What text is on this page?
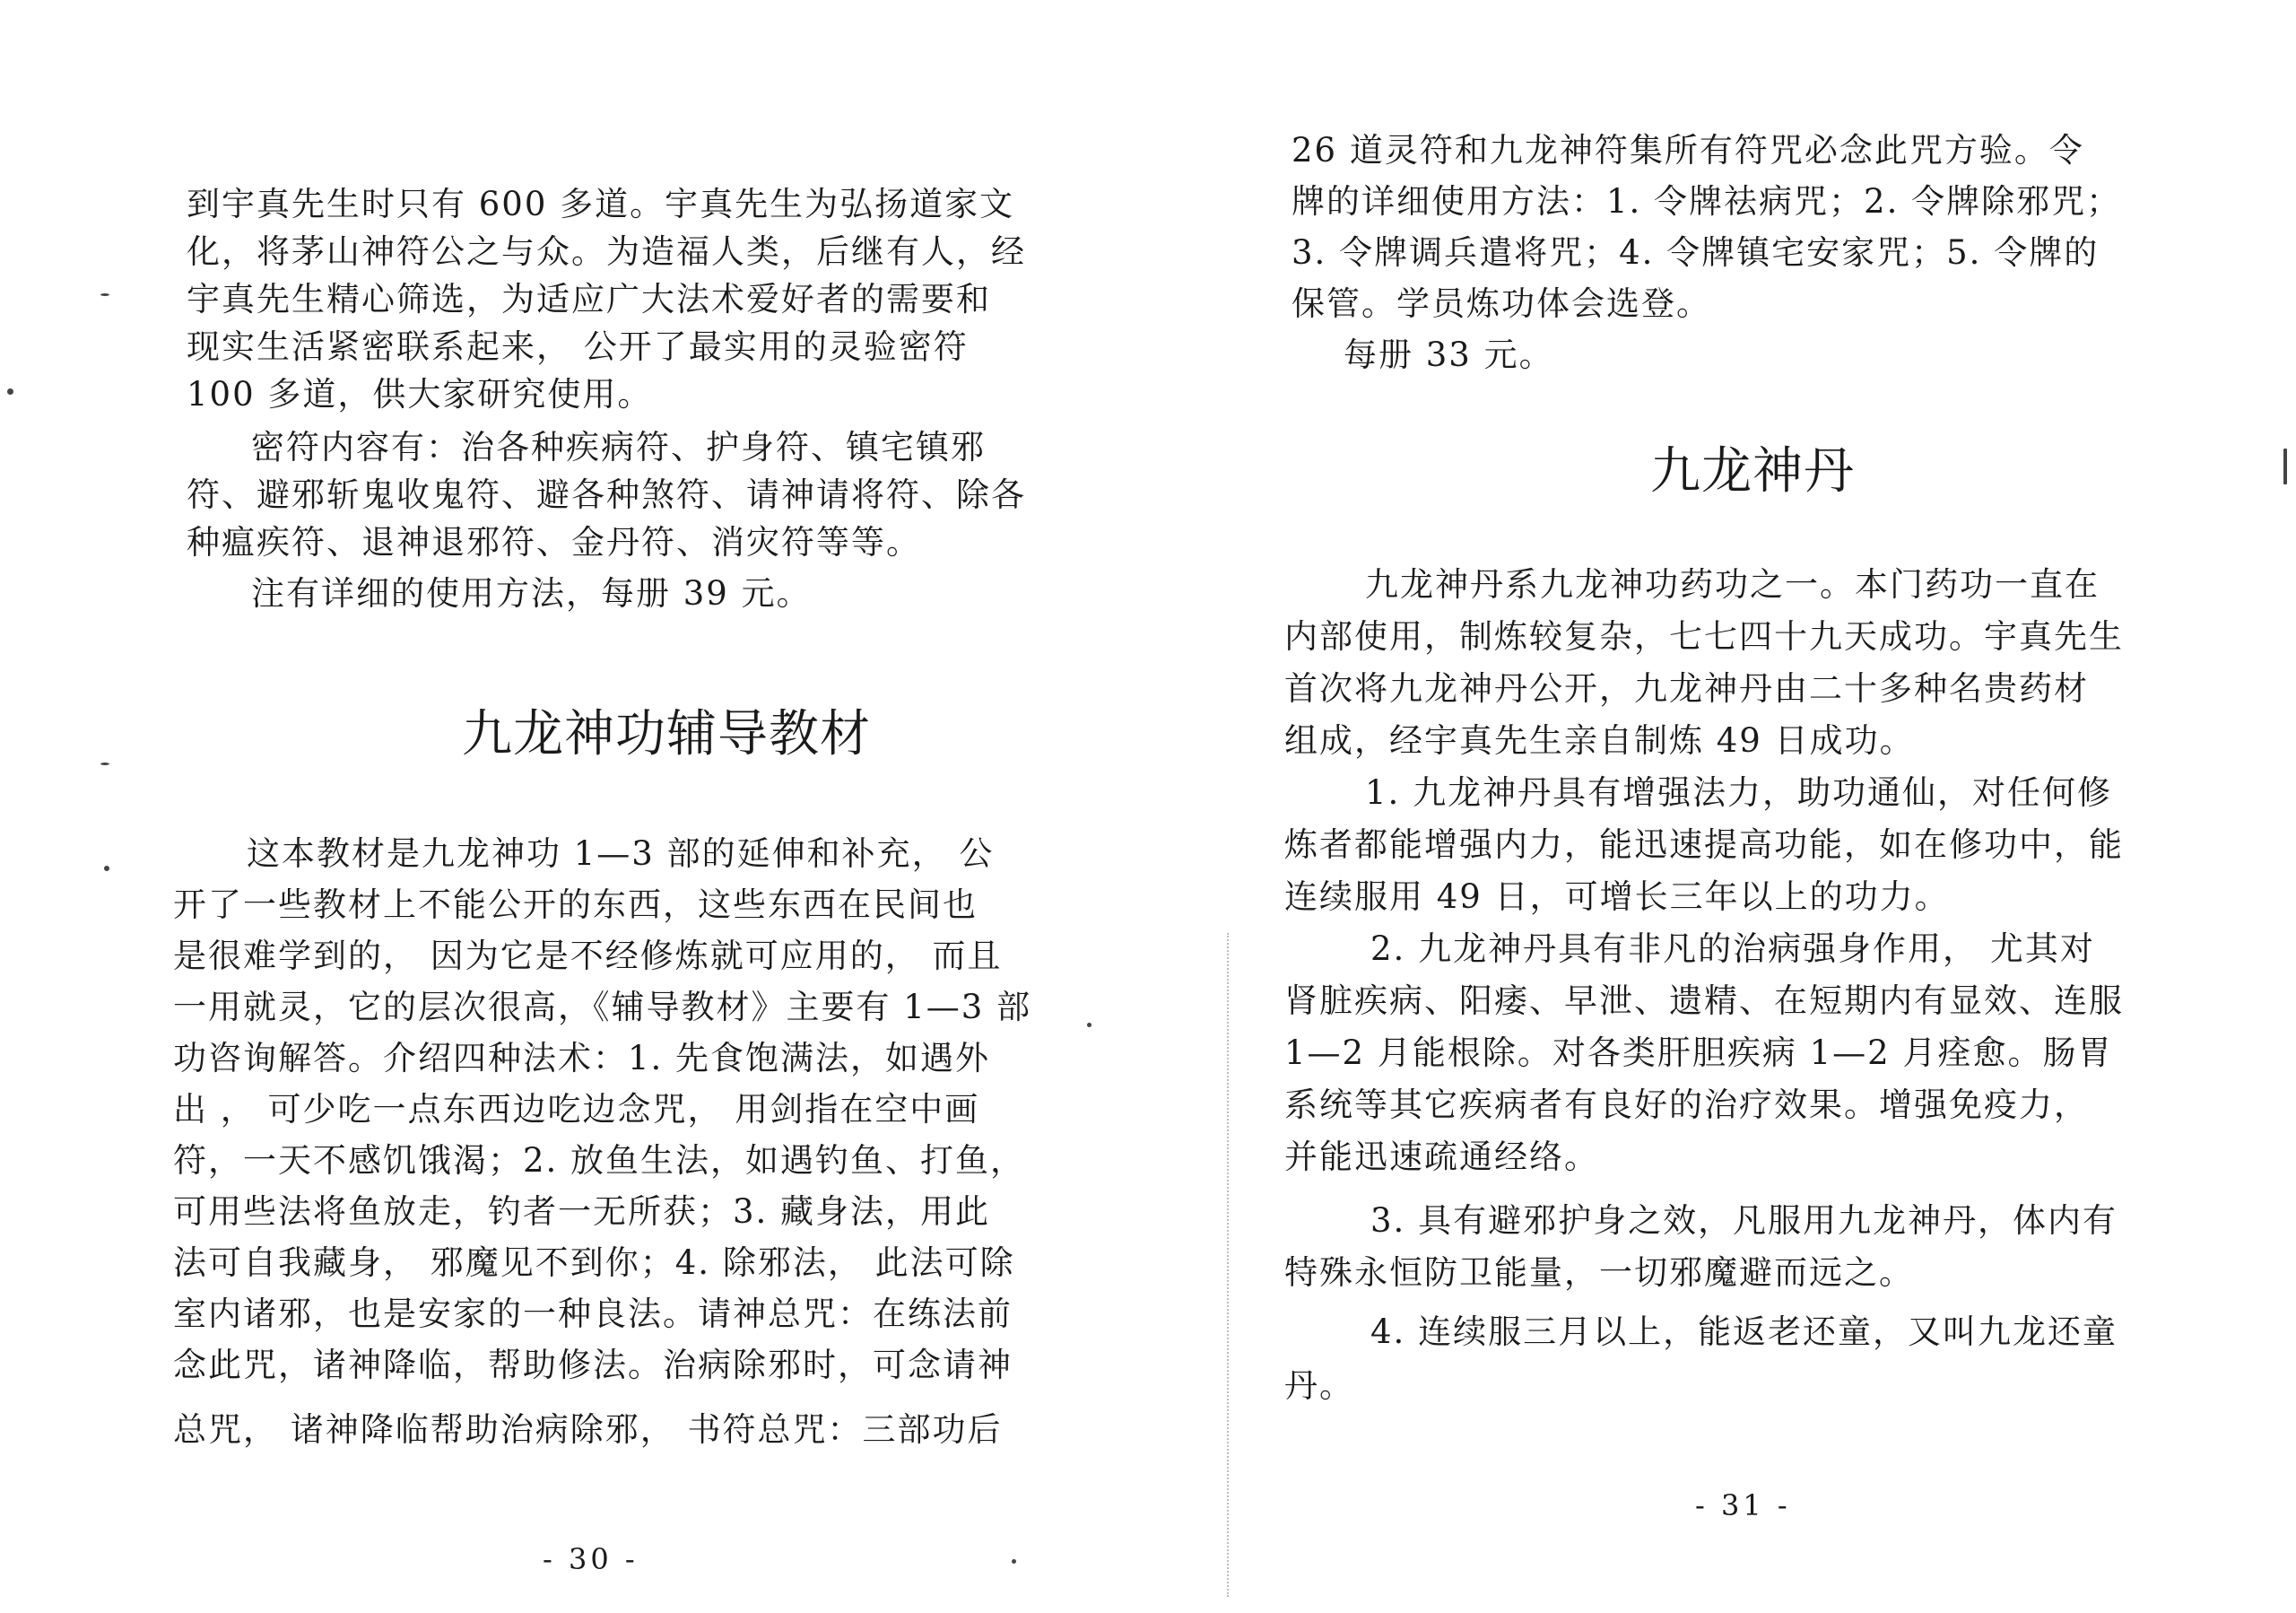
到宇真先生时只有 600 多道。宇真先生为弘扬道家文
化，将茅山神符公之与众。为造福人类，后继有人，经
宇真先生精心筛选，为适应广大法术爱好者的需要和
现实生活紧密联系起来， 公开了最实用的灵验密符
100 多道，供大家研究使用。
密符内容有：治各种疾病符、护身符、镇宅镇邪
符、避邪斩鬼收鬼符、避各种煞符、请神请将符、除各
种瘟疾符、退神退邪符、金丹符、消灾符等等。
注有详细的使用方法，每册 39 元。
九龙神功辅导教材
这本教材是九龙神功 1—3 部的延伸和补充， 公
开了一些教材上不能公开的东西，这些东西在民间也
是很难学到的， 因为它是不经修炼就可应用的， 而且
一用就灵，它的层次很高，《辅导教材》主要有 1—3 部
功咨询解答。介绍四种法术：1. 先食饱满法，如遇外
出 ， 可少吃一点东西边吃边念咒， 用剑指在空中画
符，一天不感饥饿渴；2. 放鱼生法，如遇钓鱼、打鱼，
可用些法将鱼放走，钓者一无所获；3. 藏身法，用此
法可自我藏身， 邪魔见不到你；4. 除邪法， 此法可除
室内诸邪，也是安家的一种良法。请神总咒：在练法前
念此咒，诸神降临，帮助修法。治病除邪时，可念请神
总咒， 诸神降临帮助治病除邪， 书符总咒：三部功后
- 30 -
26 道灵符和九龙神符集所有符咒必念此咒方验。令
牌的详细使用方法：1. 令牌祛病咒；2. 令牌除邪咒；
3. 令牌调兵遣将咒；4. 令牌镇宅安家咒；5. 令牌的
保管。学员炼功体会选登。
每册 33 元。
九龙神丹
九龙神丹系九龙神功药功之一。本门药功一直在
内部使用，制炼较复杂，七七四十九天成功。宇真先生
首次将九龙神丹公开，九龙神丹由二十多种名贵药材
组成，经宇真先生亲自制炼 49 日成功。
1. 九龙神丹具有增强法力，助功通仙，对任何修
炼者都能增强内力，能迅速提高功能，如在修功中，能
连续服用 49 日，可增长三年以上的功力。
2. 九龙神丹具有非凡的治病强身作用， 尤其对
肾脏疾病、阳痿、早泄、遗精、在短期内有显效、连服
1—2 月能根除。对各类肝胆疾病 1—2 月痊愈。肠胃
系统等其它疾病者有良好的治疗效果。增强免疫力，
并能迅速疏通经络。
3. 具有避邪护身之效，凡服用九龙神丹，体内有
特殊永恒防卫能量，一切邪魔避而远之。
4. 连续服三月以上，能返老还童，又叫九龙还童
丹。
- 31 -
